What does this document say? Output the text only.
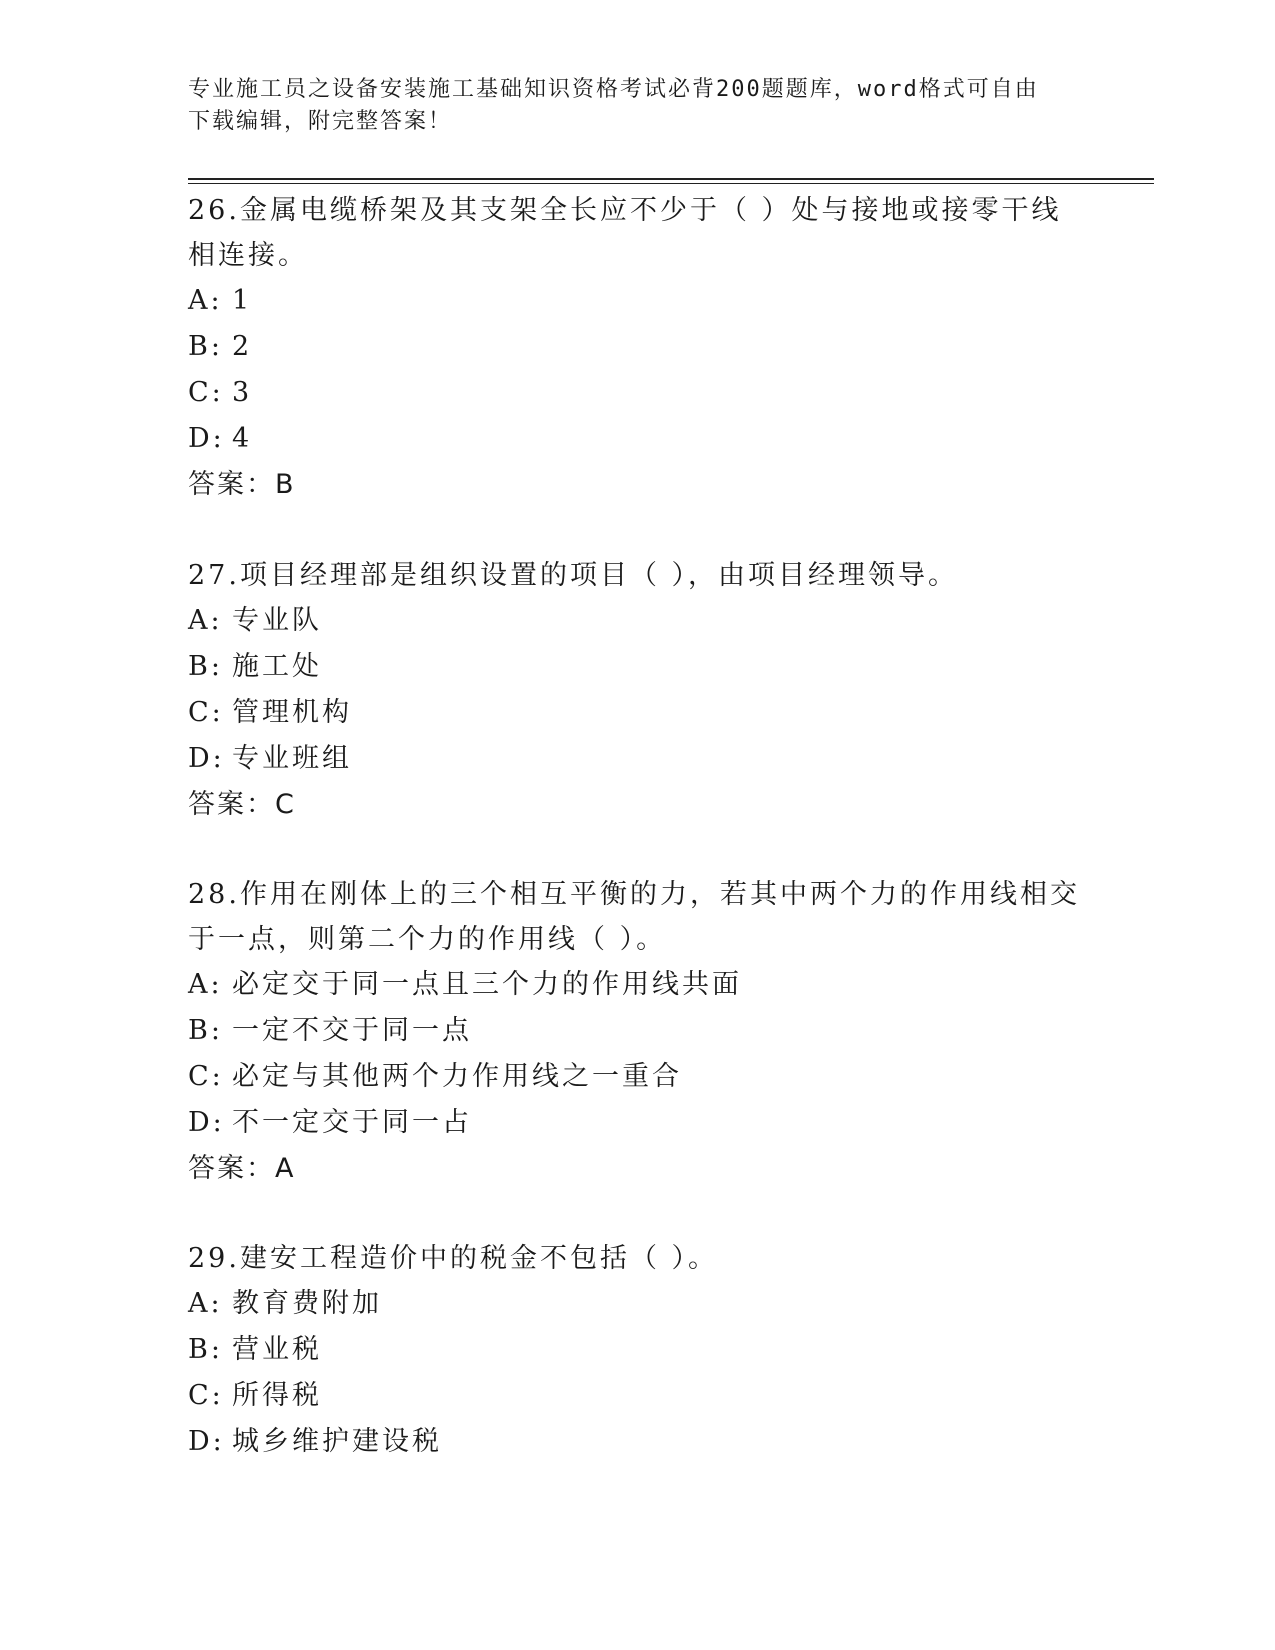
专业施工员之设备安装施工基础知识资格考试必背200题题库，word格式可自由
下载编辑，附完整答案！

26.金属电缆桥架及其支架全长应不少于（ ）处与接地或接零干线相连接。

A: 1
B: 2
C: 3
D: 4
答案：B

27.项目经理部是组织设置的项目（ ），由项目经理领导。

A: 专业队
B: 施工处
C: 管理机构
D: 专业班组
答案：C

28.作用在刚体上的三个相互平衡的力，若其中两个力的作用线相交于一点，则第二个力的作用线（ ）。

A: 必定交于同一点且三个力的作用线共面
B: 一定不交于同一点
C: 必定与其他两个力作用线之一重合
D: 不一定交于同一占
答案：A

29.建安工程造价中的税金不包括（ ）。

A: 教育费附加
B: 营业税
C: 所得税
D: 城乡维护建设税
